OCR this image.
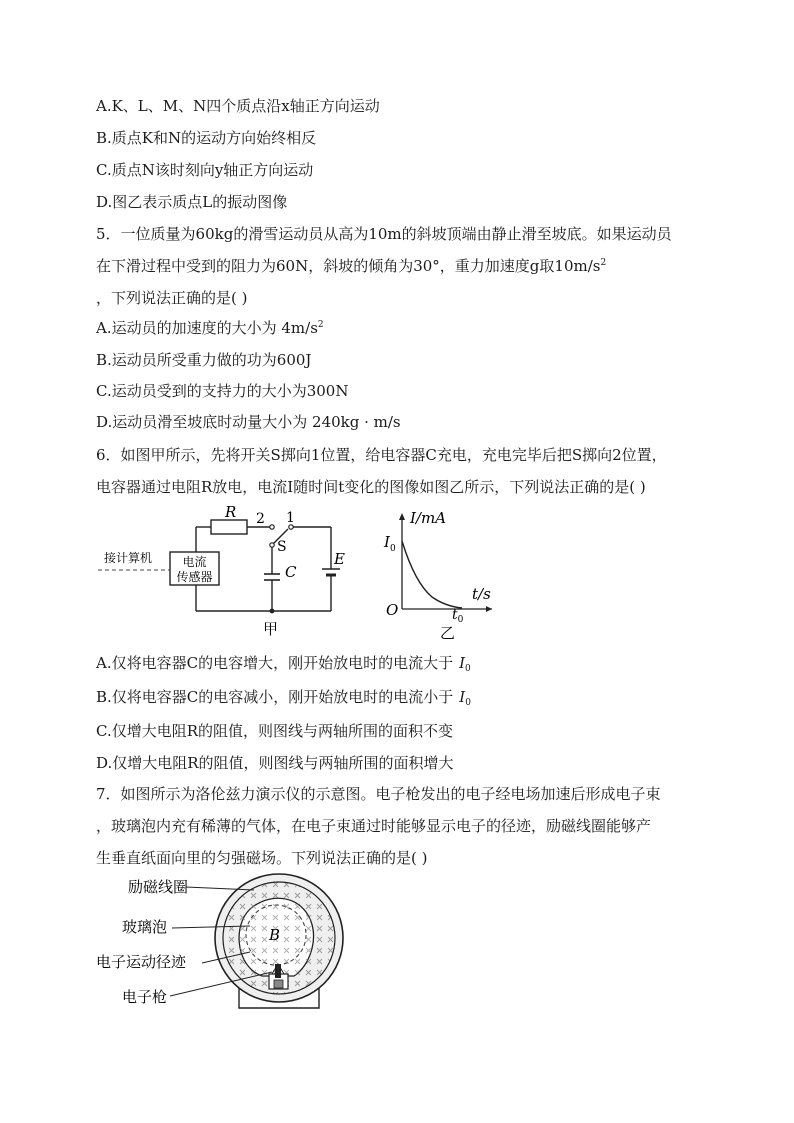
A.K、L、M、N四个质点沿x轴正方向运动
B.质点K和N的运动方向始终相反
C.质点N该时刻向y轴正方向运动
D.图乙表示质点L的振动图像
5．一位质量为60kg的滑雪运动员从高为10m的斜坡顶端由静止滑至坡底。如果运动员
在下滑过程中受到的阻力为60N，斜坡的倾角为30°，重力加速度g取$10m/s^2$
，下列说法正确的是( )
A.运动员的加速度的大小为 $4m/s^2$
B.运动员所受重力做的功为600J
C.运动员受到的支持力的大小为300N
D.运动员滑至坡底时动量大小为 240kg · m/s
6．如图甲所示，先将开关S掷向1位置，给电容器C充电，充电完毕后把S掷向2位置，
电容器通过电阻R放电，电流I随时间t变化的图像如图乙所示，下列说法正确的是( )
电流
传感器
接计算机
R 2 1
S
C
E
甲
I/mA
$I_0$
t/s
O	$t_0$
乙
A.仅将电容器C的电容增大，刚开始放电时的电流大于 $I_0$
B.仅将电容器C的电容减小，刚开始放电时的电流小于 $I_0$
C.仅增大电阻R的阻值，则图线与两轴所围的面积不变
D.仅增大电阻R的阻值，则图线与两轴所围的面积增大
7．如图所示为洛伦兹力演示仪的示意图。电子枪发出的电子经电场加速后形成电子束
，玻璃泡内充有稀薄的气体，在电子束通过时能够显示电子的径迹，励磁线圈能够产
生垂直纸面向里的匀强磁场。下列说法正确的是( )
B
励磁线圈
玻璃泡
电子运动径迹
电子枪
